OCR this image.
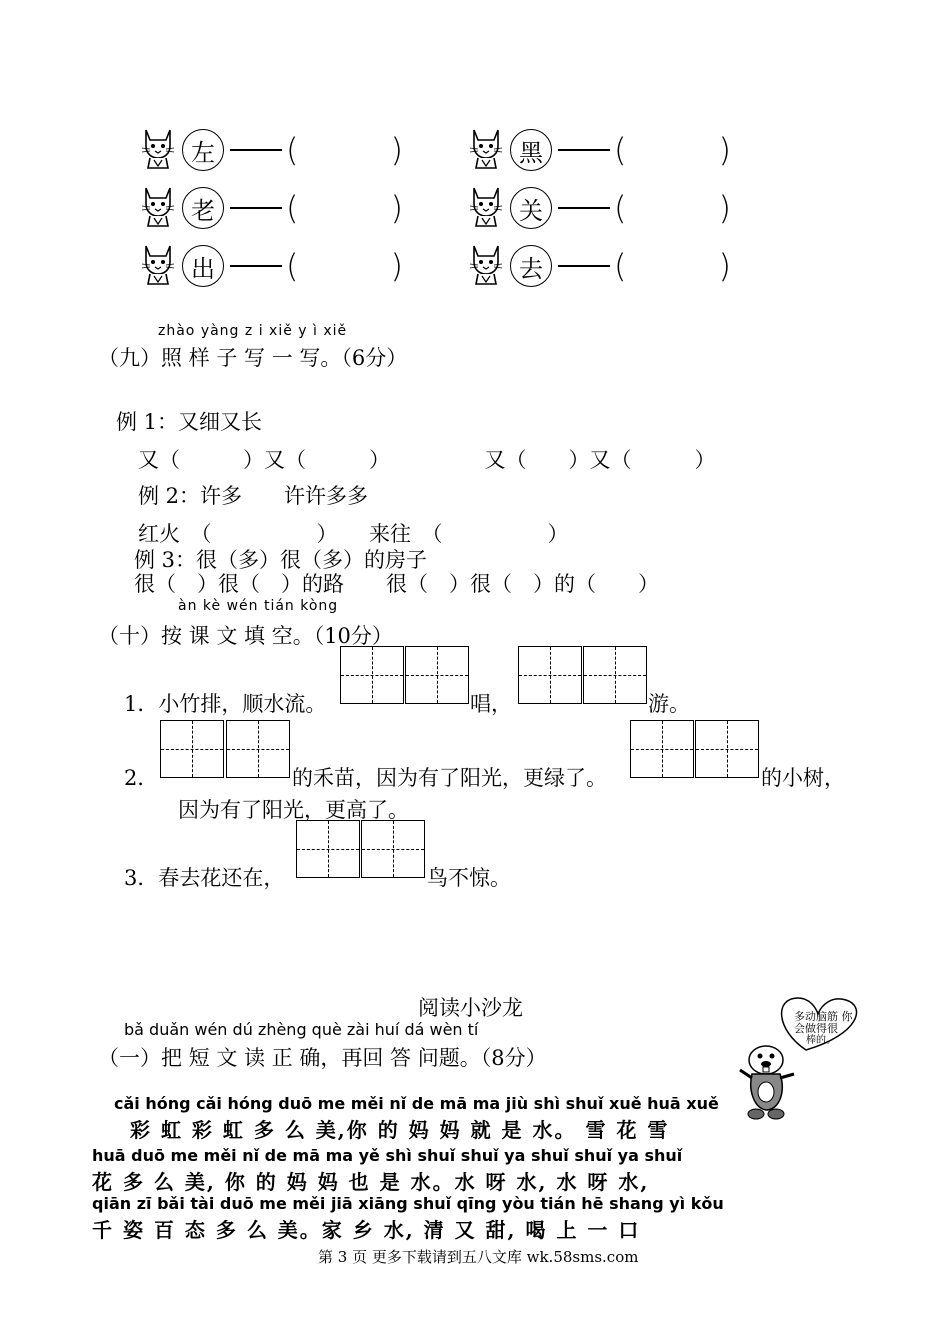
左 (	)	黑 (	)
老 (	)	关 (	)
出 (	)	去 (	)
zhào yàng z i xiě y ì xiě
（九）照 样 子 写 一 写。（6分）
例 1：又细又长
又（　　　）又（　　　）　　　　　又（　　）又（　　　）
例 2：许多　　许许多多
红火　（　　　　　）　　来往　（　　　　　）
例 3：很（多）很（多）的房子
很（　）很（　）的路　　很（　）很（　）的（　　）
àn kè wén tián kòng
（十）按 课 文 填 空。（10分）
1．小竹排，顺水流。	唱，	游。
2．	的禾苗，因为有了阳光，更绿了。	的小树，
因为有了阳光，更高了。
3．春去花还在，	鸟不惊。
阅读小沙龙
bǎ duǎn wén dú zhèng què zài huí dá wèn tí
（一）把 短 文 读 正 确，再回 答 问题。（8分）
多动脑筋 你
会做得很
棒的。
cǎi hóng cǎi hóng duō me měi nǐ de mā ma jiù shì shuǐ xuě huā xuě
彩 虹 彩 虹 多 么 美,你 的 妈 妈 就 是 水。 雪 花 雪
huā duō me měi nǐ de mā ma yě shì shuǐ shuǐ ya shuǐ shuǐ ya shuǐ
花 多 么 美, 你 的 妈 妈 也 是 水。水 呀 水, 水 呀 水,
qiān zī bǎi tài duō me měi jiā xiāng shuǐ qīng yòu tián hē shang yì kǒu
千 姿 百 态 多 么 美。家 乡 水, 清 又 甜, 喝 上 一 口
第 3 页 更多下载请到五八文库 wk.58sms.com
